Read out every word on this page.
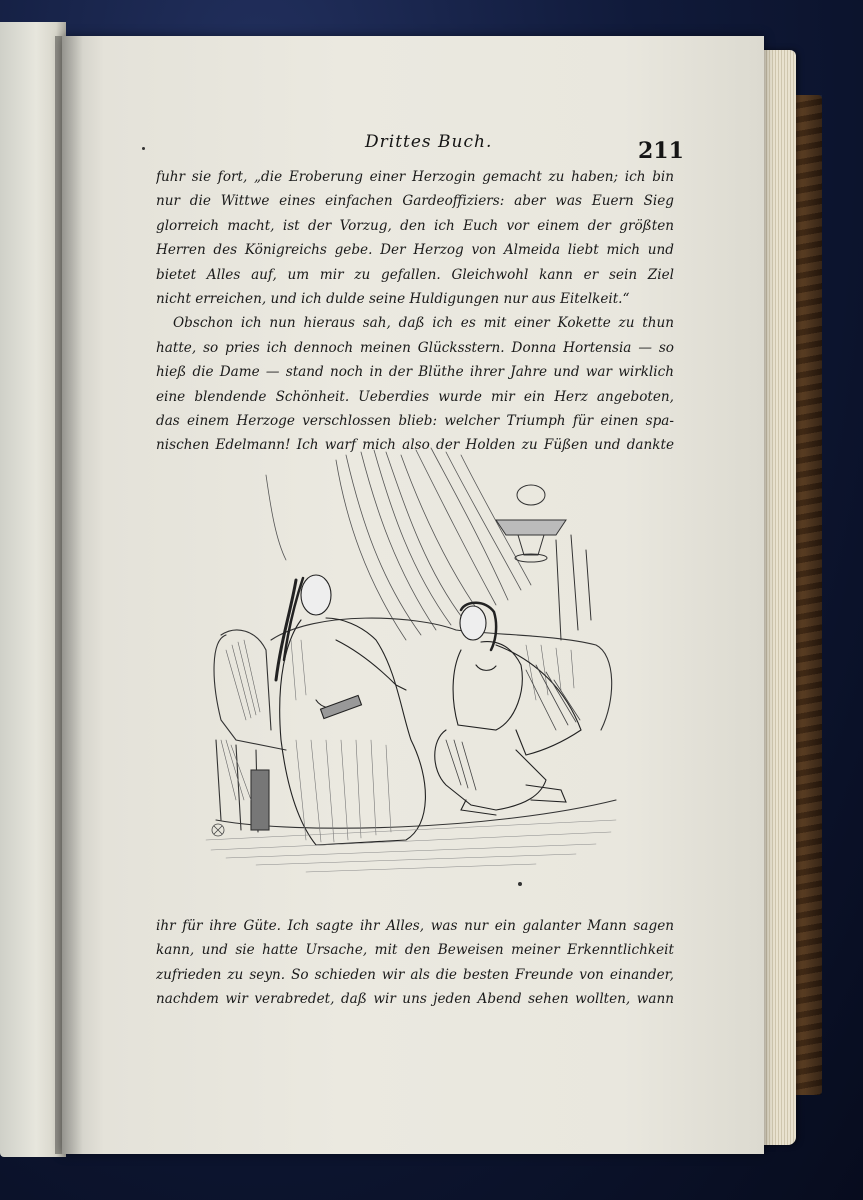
Drittes Buch.	211
fuhr sie fort, „die Eroberung einer Herzogin gemacht zu haben; ich bin
nur die Wittwe eines einfachen Gardeoffiziers: aber was Euern Sieg
glorreich macht, ist der Vorzug, den ich Euch vor einem der größten
Herren des Königreichs gebe. Der Herzog von Almeida liebt mich und
bietet Alles auf, um mir zu gefallen. Gleichwohl kann er sein Ziel
nicht erreichen, und ich dulde seine Huldigungen nur aus Eitelkeit.“
Obschon ich nun hieraus sah, daß ich es mit einer Kokette zu thun
hatte, so pries ich dennoch meinen Glücksstern. Donna Hortensia — so
hieß die Dame — stand noch in der Blüthe ihrer Jahre und war wirklich
eine blendende Schönheit. Ueberdies wurde mir ein Herz angeboten,
das einem Herzoge verschlossen blieb: welcher Triumph für einen spa-
nischen Edelmann! Ich warf mich also der Holden zu Füßen und dankte
ihr für ihre Güte. Ich sagte ihr Alles, was nur ein galanter Mann sagen
kann, und sie hatte Ursache, mit den Beweisen meiner Erkenntlichkeit
zufrieden zu seyn. So schieden wir als die besten Freunde von einander,
nachdem wir verabredet, daß wir uns jeden Abend sehen wollten, wann
